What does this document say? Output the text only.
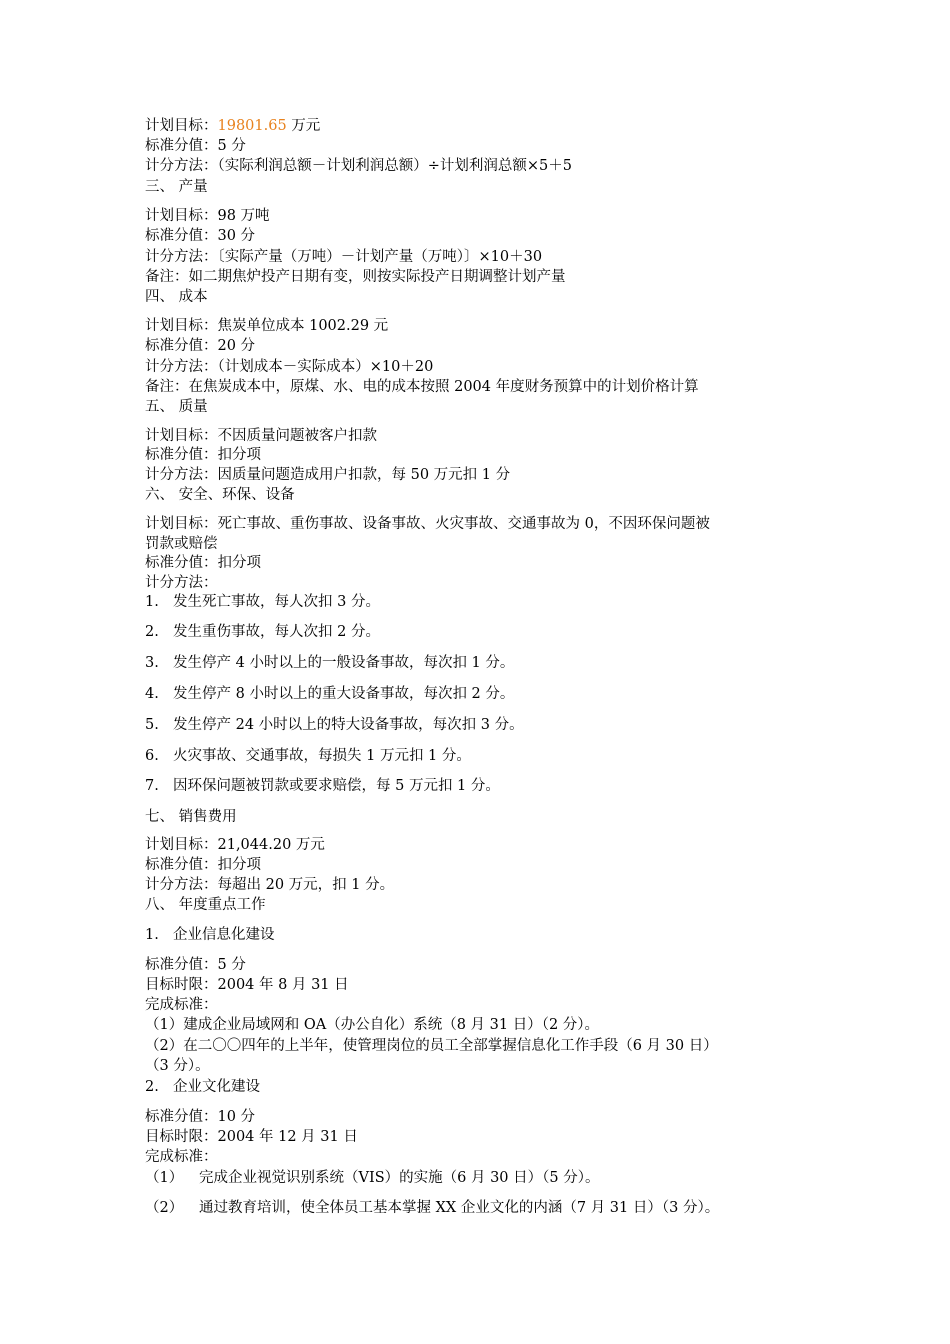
计划目标：19801.65 万元

标准分值：5 分

计分方法：（实际利润总额－计划利润总额）÷计划利润总额×5＋5

三、 产量

计划目标：98 万吨

标准分值：30 分

计分方法：〔实际产量（万吨）－计划产量（万吨）〕×10＋30

备注：如二期焦炉投产日期有变，则按实际投产日期调整计划产量

四、 成本

计划目标：焦炭单位成本 1002.29 元

标准分值：20 分

计分方法：（计划成本－实际成本）×10＋20

备注：在焦炭成本中，原煤、水、电的成本按照 2004 年度财务预算中的计划价格计算

五、 质量

计划目标：不因质量问题被客户扣款

标准分值：扣分项

计分方法：因质量问题造成用户扣款，每 50 万元扣 1 分

六、 安全、环保、设备

计划目标：死亡事故、重伤事故、设备事故、火灾事故、交通事故为 0，不因环保问题被

罚款或赔偿

标准分值：扣分项

计分方法：

1. 发生死亡事故，每人次扣 3 分。

2. 发生重伤事故，每人次扣 2 分。

3. 发生停产 4 小时以上的一般设备事故，每次扣 1 分。

4. 发生停产 8 小时以上的重大设备事故，每次扣 2 分。

5. 发生停产 24 小时以上的特大设备事故，每次扣 3 分。

6. 火灾事故、交通事故，每损失 1 万元扣 1 分。

7. 因环保问题被罚款或要求赔偿，每 5 万元扣 1 分。

七、 销售费用

计划目标：21,044.20 万元

标准分值：扣分项

计分方法：每超出 20 万元，扣 1 分。

八、 年度重点工作

1. 企业信息化建设

标准分值：5 分

目标时限：2004 年 8 月 31 日

完成标准：

（1）建成企业局域网和 OA（办公自化）系统（8 月 31 日）（2 分）。

（2）在二〇〇四年的上半年，使管理岗位的员工全部掌握信息化工作手段（6 月 30 日）

（3 分）。

2. 企业文化建设

标准分值：10 分

目标时限：2004 年 12 月 31 日

完成标准：

（1） 完成企业视觉识别系统（VIS）的实施（6 月 30 日）（5 分）。

（2） 通过教育培训，使全体员工基本掌握 XX 企业文化的内涵（7 月 31 日）（3 分）。
